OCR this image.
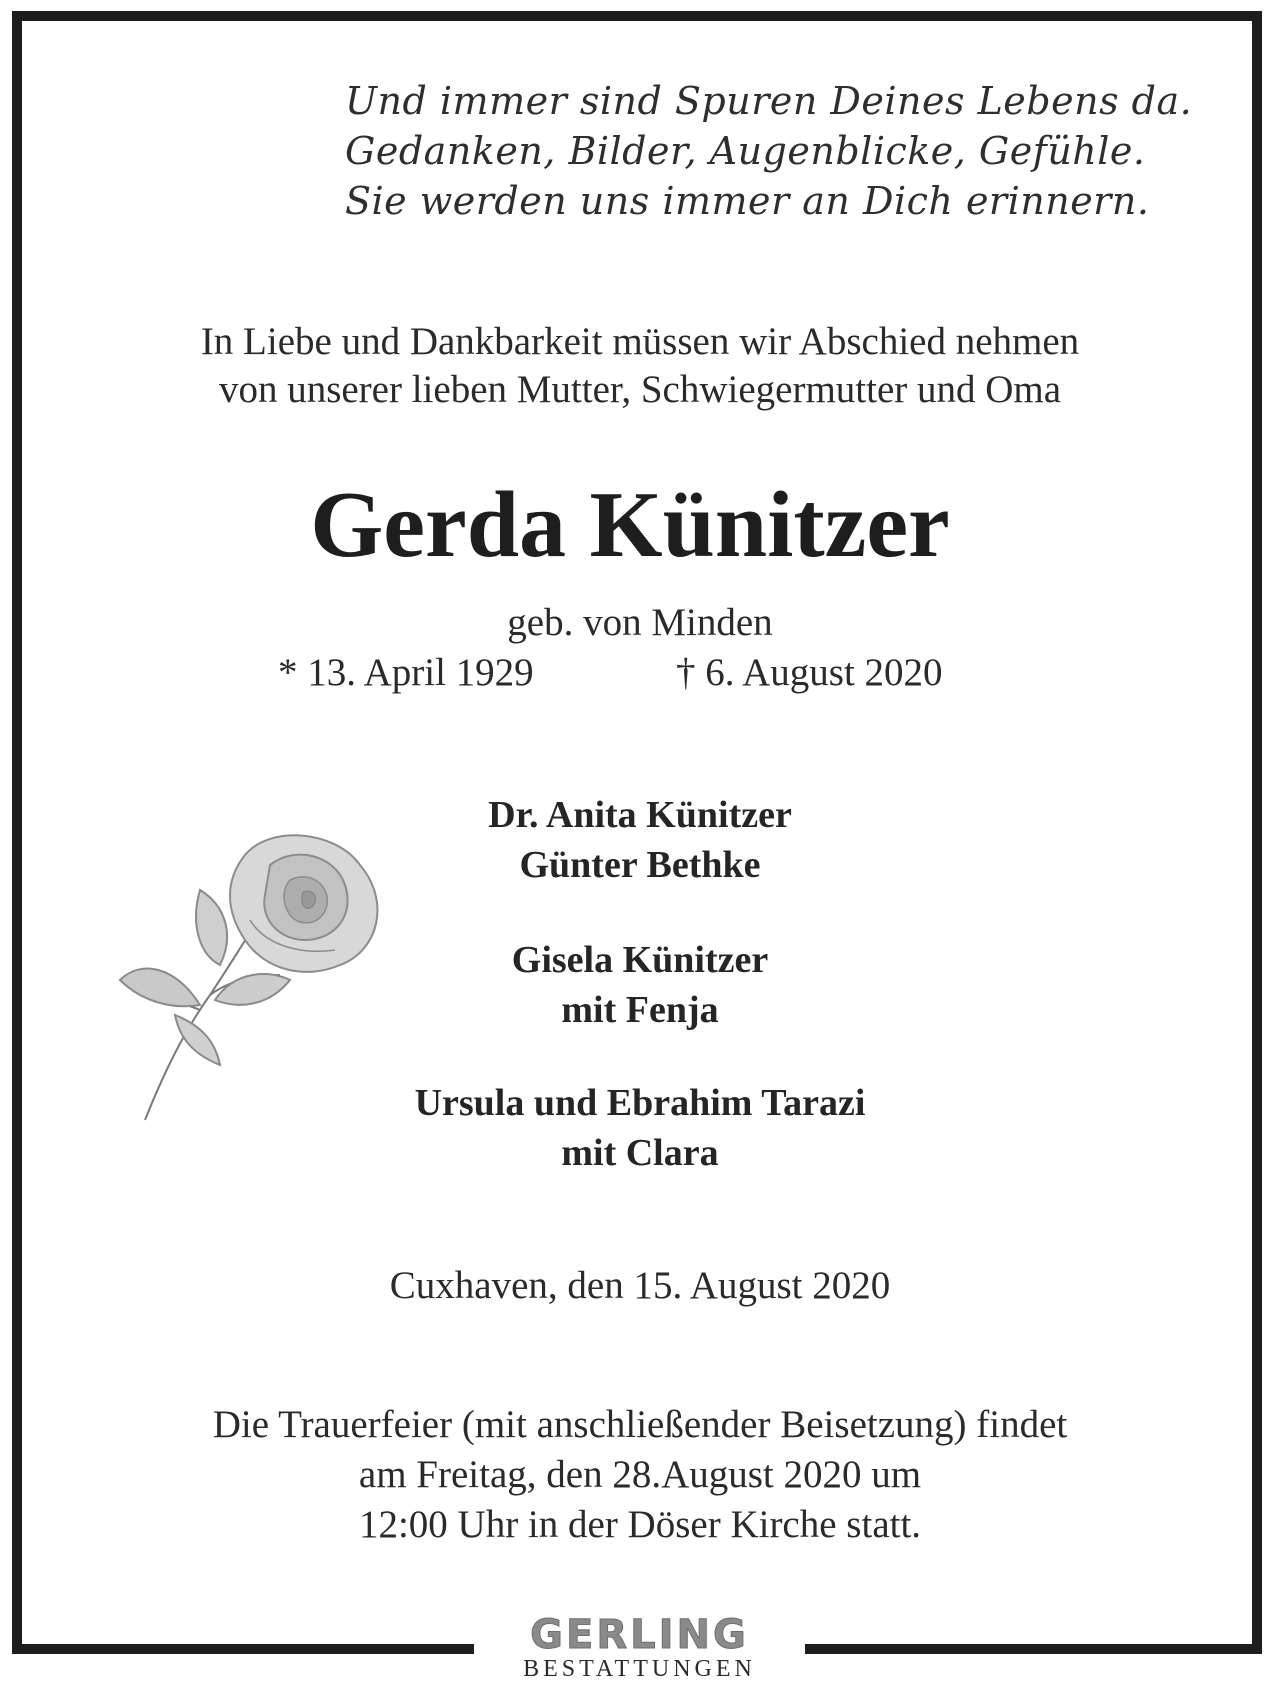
Und immer sind Spuren Deines Lebens da.
Gedanken, Bilder, Augenblicke, Gefühle.
Sie werden uns immer an Dich erinnern.
In Liebe und Dankbarkeit müssen wir Abschied nehmen
von unserer lieben Mutter, Schwiegermutter und Oma
Gerda Künitzer
geb. von Minden
* 13. April 1929	† 6. August 2020
Dr. Anita Künitzer
Günter Bethke
Gisela Künitzer
mit Fenja
Ursula und Ebrahim Tarazi
mit Clara
Cuxhaven, den 15. August 2020
Die Trauerfeier (mit anschließender Beisetzung) findet
am Freitag, den 28.August 2020 um
12:00 Uhr in der Döser Kirche statt.
GERLING
BESTATTUNGEN
